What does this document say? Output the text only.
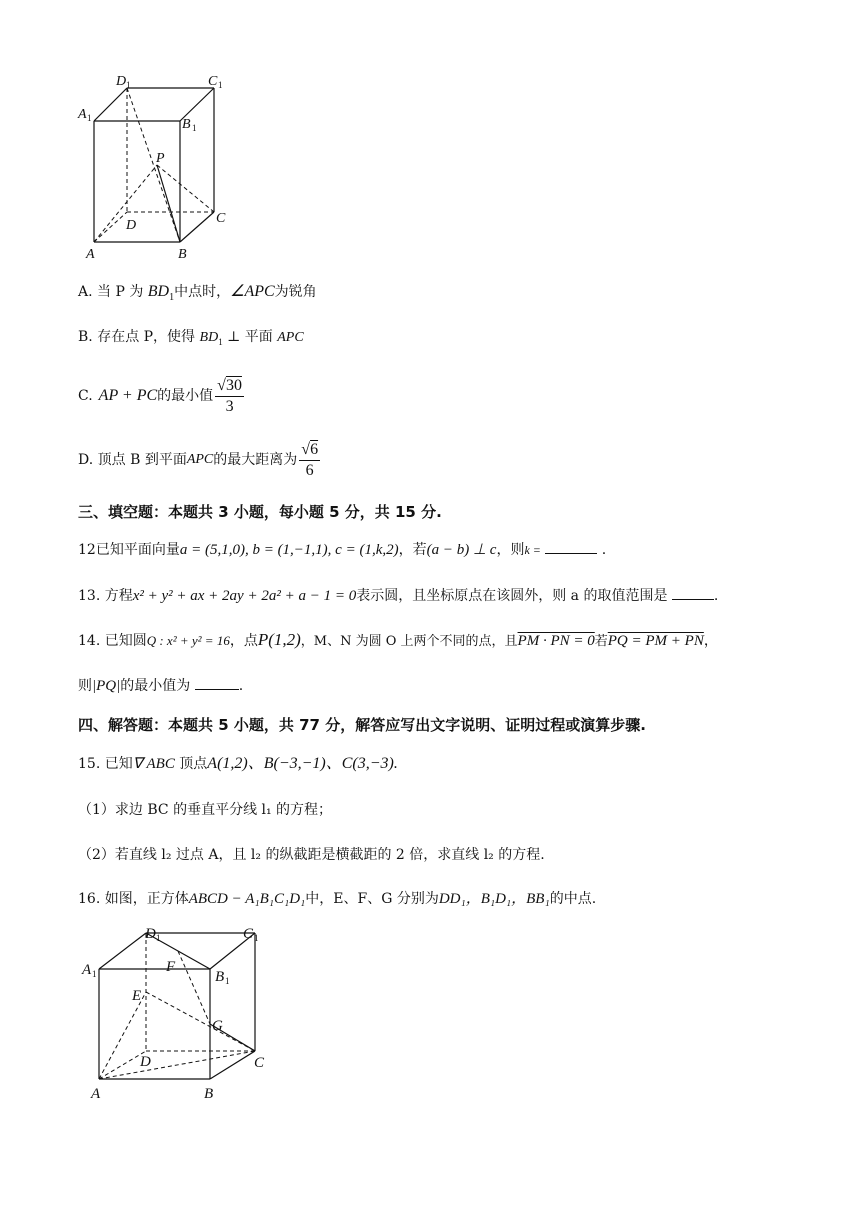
D 1	C 1
A 1	B 1
P
D	C
A	B
A. 当 P 为 $BD_1$中点时，∠APC为锐角
B. 存在点 P，使得 $BD_1$ ⊥ 平面 APC
C. AP + PC 的最小值 $\frac{√30}{3}$
D. 顶点 B 到平面 APC 的最大距离为 $\frac{√6}{6}$
三、填空题：本题共 3 小题，每小题 5 分，共 15 分.
12已知平面向量a = (5,1,0), b = (1,−1,1), c = (1,k,2)，若(a − b) ⊥ c，则k =	.
13. 方程x² + y² + ax + 2ay + 2a² + a − 1 = 0表示圆，且坐标原点在该圆外，则 a 的取值范围是	.
14. 已知圆Q : x² + y² = 16，点P(1,2)，M、N 为圆 O 上两个不同的点，且PM · PN = 0若PQ = PM + PN，
则|PQ|的最小值为	.
四、解答题：本题共 5 小题，共 77 分，解答应写出文字说明、证明过程或演算步骤.
15. 已知∇ ABC 顶点A(1,2)、B(−3,−1)、C(3,−3).
（1）求边 BC 的垂直平分线 l₁ 的方程；
（2）若直线 l₂ 过点 A，且 l₂ 的纵截距是横截距的 2 倍，求直线 l₂ 的方程.
16. 如图，正方体ABCD − A₁B₁C₁D₁中，E、F、G 分别为DD₁，B₁D₁，BB₁的中点.
D 1	C 1
A 1	B 1
F
E
G
D	C
A	B
